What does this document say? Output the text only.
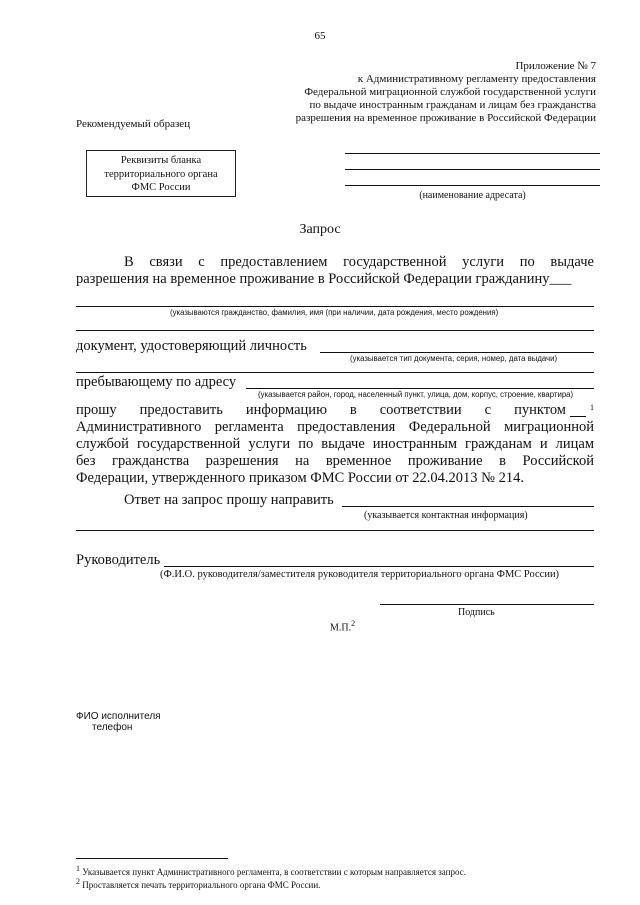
65
Приложение № 7
к Административному регламенту предоставления
Федеральной миграционной службой государственной услуги
по выдаче иностранным гражданам и лицам без гражданства
разрешения на временное проживание в Российской Федерации
Рекомендуемый образец
Реквизиты бланка
территориального органа
ФМС России
(наименование адресата)
Запрос
В связи с предоставлением государственной услуги по выдаче
разрешения на временное проживание в Российской Федерации гражданину___
(указываются гражданство, фамилия, имя (при наличии, дата рождения, место рождения)
документ, удостоверяющий личность
(указывается тип документа, серия, номер, дата выдачи)
пребывающему по адресу
(указывается район, город, населенный пункт, улица, дом, корпус, строение, квартира)
прошу предоставить информацию в соответствии с пунктом	1
Административного регламента предоставления Федеральной миграционной
службой государственной услуги по выдаче иностранным гражданам и лицам
без гражданства разрешения на временное проживание в Российской
Федерации, утвержденного приказом ФМС России от 22.04.2013 № 214.
Ответ на запрос прошу направить
(указывается контактная информация)
Руководитель
(Ф.И.О. руководителя/заместителя руководителя территориального органа ФМС России)
Подпись
М.П.$^2$
ФИО исполнителя
телефон
$^1$ Указывается пункт Административного регламента, в соответствии с которым направляется запрос.
$^2$ Проставляется печать территориального органа ФМС России.
